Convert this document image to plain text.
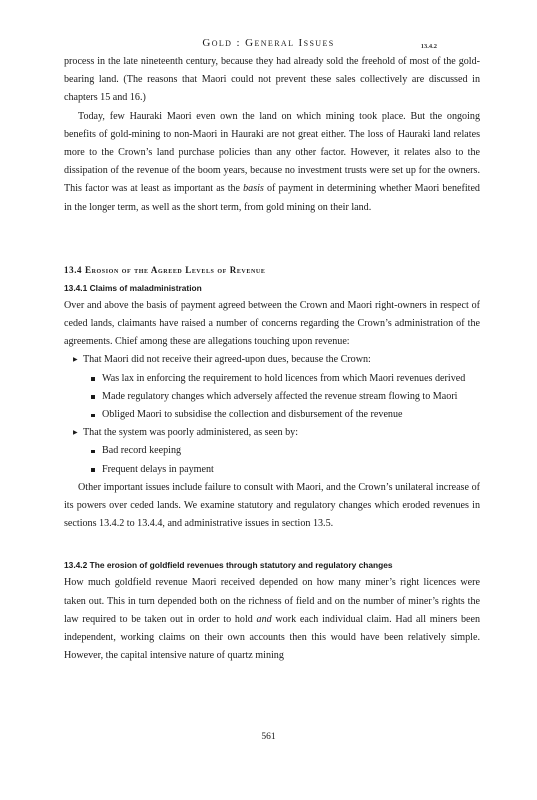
Gold : General Issues	13.4.2

process in the late nineteenth century, because they had already sold the freehold of most of the gold-bearing land. (The reasons that Maori could not prevent these sales collectively are discussed in chapters 15 and 16.)

Today, few Hauraki Maori even own the land on which mining took place. But the ongoing benefits of gold-mining to non-Maori in Hauraki are not great either. The loss of Hauraki land relates more to the Crown’s land purchase policies than any other factor. However, it relates also to the dissipation of the revenue of the boom years, because no investment trusts were set up for the owners. This factor was at least as important as the basis of payment in determining whether Maori benefited in the longer term, as well as the short term, from gold mining on their land.

13.4 Erosion of the Agreed Levels of Revenue
13.4.1 Claims of maladministration

Over and above the basis of payment agreed between the Crown and Maori right-owners in respect of ceded lands, claimants have raised a number of concerns regarding the Crown’s administration of the agreements. Chief among these are allegations touching upon revenue:

▶ That Maori did not receive their agreed-upon dues, because the Crown:
Was lax in enforcing the requirement to hold licences from which Maori revenues derived
Made regulatory changes which adversely affected the revenue stream flowing to Maori
Obliged Maori to subsidise the collection and disbursement of the revenue
▶ That the system was poorly administered, as seen by:
Bad record keeping
Frequent delays in payment

Other important issues include failure to consult with Maori, and the Crown’s unilateral increase of its powers over ceded lands. We examine statutory and regulatory changes which eroded revenues in sections 13.4.2 to 13.4.4, and administrative issues in section 13.5.

13.4.2 The erosion of goldfield revenues through statutory and regulatory changes

How much goldfield revenue Maori received depended on how many miner’s right licences were taken out. This in turn depended both on the richness of field and on the number of miner’s rights the law required to be taken out in order to hold and work each individual claim. Had all miners been independent, working claims on their own accounts then this would have been relatively simple. However, the capital intensive nature of quartz mining

561
